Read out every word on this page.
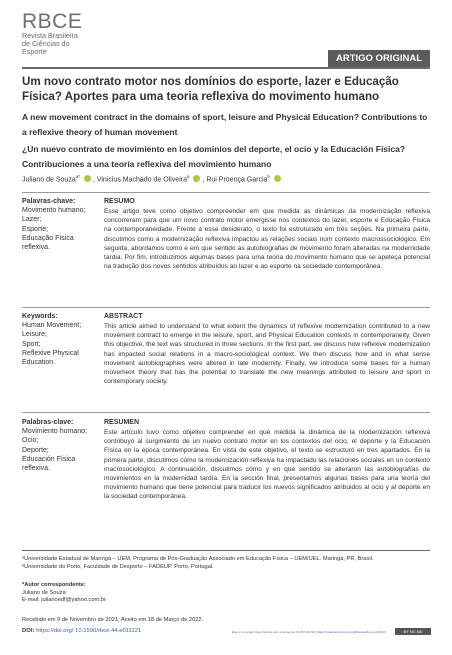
RBCE
Revista Brasileira
de Ciências do
Esporte
ARTIGO ORIGINAL
Um novo contrato motor nos domínios do esporte, lazer e Educação Física? Aportes para uma teoria reflexiva do movimento humano
A new movement contract in the domains of sport, leisure and Physical Education? Contributions to a reflexive theory of human movement
¿Un nuevo contrato de movimiento en los dominios del deporte, el ocio y la Educación Física? Contribuciones a una teoría reflexiva del movimiento humano
Juliano de Souza$^{a*}$ , Vinicius Machado de Oliveira$^a$ , Rui Proença Garcia$^b$
Palavras-chave:
Movimento humano;
Lazer;
Esporte;
Educação Física
reflexiva.
RESUMO
Esse artigo teve como objetivo compreender em que medida as dinâmicas da modernização reflexiva concorreram para que um novo contrato motor emergisse nos contextos do lazer, esporte e Educação Física na contemporaneidade. Frente a esse desiderato, o texto foi estruturado em três seções. Na primeira parte, discutimos como a modernização reflexiva impactou as relações sociais num contexto macrossociológico. Em seguida, abordamos como e em que sentido as autobiografias de movimento foram alteradas na modernidade tardia. Por fim, introduzimos algumas bases para uma teoria do movimento humano que se apeteça potencial na tradução dos novos sentidos atribuídos ao lazer e ao esporte na sociedade contemporânea.
Keywords:
Human Movement;
Leisure;
Sport;
Reflexive Physical
Education.
ABSTRACT
This article aimed to understand to what extent the dynamics of reflexive modernization contributed to a new movement contract to emerge in the leisure, sport, and Physical Education contexts in contemporaneity. Given this objective, the text was structured in three sections. In the first part, we discuss how reflexive modernization has impacted social relations in a macro-sociological context. We then discuss how and in what sense movement autobiographies were altered in late modernity. Finally, we introduce some bases for a human movement theory that has the potential to translate the new meanings attributed to leisure and sport in contemporary society.
Palabras-clave:
Movimiento humano;
Ocio;
Deporte;
Educación Física
reflexiva.
RESUMEN
Este artículo tuvo como objetivo comprender en qué medida la dinámica de la modernización reflexiva contribuyó al surgimiento de un nuevo contrato motor en los contextos del ocio, el deporte y la Educación Física en la época contemporánea. En vista de este objetivo, el texto se estructuró en tres apartados. En la primera parte, discutimos cómo la modernización reflexiva ha impactado las relaciones sociales en un contexto macrosociológico. A continuación, discutimos cómo y en qué sentido se alteraron las autobiografías de movimientos en la modernidad tardía. En la sección final, presentamos algunas bases para una teoría del movimiento humano que tiene potencial para traducir los nuevos significados atribuidos al ocio y al deporte en la sociedad contemporánea.
ᵃUniversidade Estadual de Maringá – UEM, Programa de Pós-Graduação Associado em Educação Física – UEM/UEL. Maringá, PR, Brasil.
ᵇUniversidade do Porto, Faculdade de Desporto – FADEUP. Porto, Portugal.
*Autor correspondente:
Juliano de Souza
E-mail: julianoedf@yahoo.com.br
Recebido em 9 de Novembro de 2021; Aceito em 18 de Março de 2022.
DOI: https://doi.org/ 10.1590/rbce.44.e011121	Este é um artigo Open Access sob uma licença CC BY-NC-ND (https://creativecommons.org/licenses/by-nc-nd/4.0/)	BY NC ND
